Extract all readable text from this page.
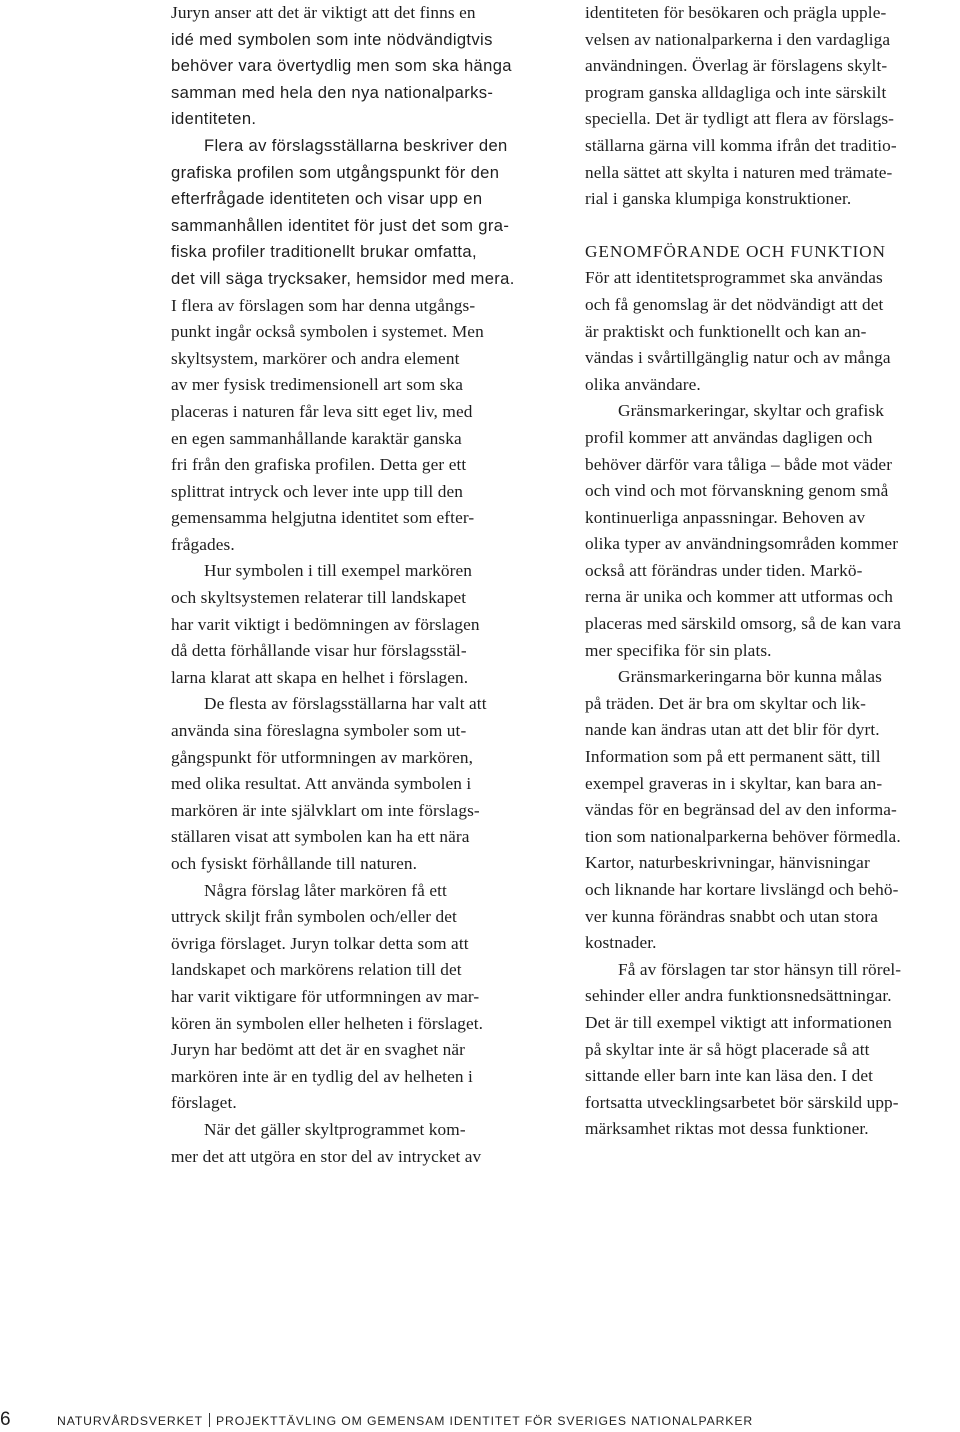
Juryn anser att det är viktigt att det finns en
idé med symbolen som inte nödvändigtvis
behöver vara övertydlig men som ska hänga
samman med hela den nya nationalparks-
identiteten.
Flera av förslagsställarna beskriver den
grafiska profilen som utgångspunkt för den
efterfrågade identiteten och visar upp en
sammanhållen identitet för just det som gra-
fiska profiler traditionellt brukar omfatta,
det vill säga trycksaker, hemsidor med mera.
I flera av förslagen som har denna utgångs-
punkt ingår också symbolen i systemet. Men
skyltsystem, markörer och andra element
av mer fysisk tredimensionell art som ska
placeras i naturen får leva sitt eget liv, med
en egen sammanhållande karaktär ganska
fri från den grafiska profilen. Detta ger ett
splittrat intryck och lever inte upp till den
gemensamma helgjutna identitet som efter-
frågades.
Hur symbolen i till exempel markören
och skyltsystemen relaterar till landskapet
har varit viktigt i bedömningen av förslagen
då detta förhållande visar hur förslagsstäl-
larna klarat att skapa en helhet i förslagen.
De flesta av förslagsställarna har valt att
använda sina föreslagna symboler som ut-
gångspunkt för utformningen av markören,
med olika resultat. Att använda symbolen i
markören är inte självklart om inte förslags-
ställaren visat att symbolen kan ha ett nära
och fysiskt förhållande till naturen.
Några förslag låter markören få ett
uttryck skiljt från symbolen och/eller det
övriga förslaget. Juryn tolkar detta som att
landskapet och markörens relation till det
har varit viktigare för utformningen av mar-
kören än symbolen eller helheten i förslaget.
Juryn har bedömt att det är en svaghet när
markören inte är en tydlig del av helheten i
förslaget.
När det gäller skyltprogrammet kom-
mer det att utgöra en stor del av intrycket av
identiteten för besökaren och prägla upple-
velsen av nationalparkerna i den vardagliga
användningen. Överlag är förslagens skylt-
program ganska alldagliga och inte särskilt
speciella. Det är tydligt att flera av förslags-
ställarna gärna vill komma ifrån det traditio-
nella sättet att skylta i naturen med trämate-
rial i ganska klumpiga konstruktioner.
GENOMFÖRANDE OCH FUNKTION
För att identitetsprogrammet ska användas
och få genomslag är det nödvändigt att det
är praktiskt och funktionellt och kan an-
vändas i svårtillgänglig natur och av många
olika användare.
Gränsmarkeringar, skyltar och grafisk
profil kommer att användas dagligen och
behöver därför vara tåliga – både mot väder
och vind och mot förvanskning genom små
kontinuerliga anpassningar. Behoven av
olika typer av användningsområden kommer
också att förändras under tiden. Markö-
rerna är unika och kommer att utformas och
placeras med särskild omsorg, så de kan vara
mer specifika för sin plats.
Gränsmarkeringarna bör kunna målas
på träden. Det är bra om skyltar och lik-
nande kan ändras utan att det blir för dyrt.
Information som på ett permanent sätt, till
exempel graveras in i skyltar, kan bara an-
vändas för en begränsad del av den informa-
tion som nationalparkerna behöver förmedla.
Kartor, naturbeskrivningar, hänvisningar
och liknande har kortare livslängd och behö-
ver kunna förändras snabbt och utan stora
kostnader.
Få av förslagen tar stor hänsyn till rörel-
sehinder eller andra funktionsnedsättningar.
Det är till exempel viktigt att informationen
på skyltar inte är så högt placerade så att
sittande eller barn inte kan läsa den. I det
fortsatta utvecklingsarbetet bör särskild upp-
märksamhet riktas mot dessa funktioner.
6	NATURVÅRDSVERKET PROJEKTTÄVLING OM GEMENSAM IDENTITET FÖR SVERIGES NATIONALPARKER
